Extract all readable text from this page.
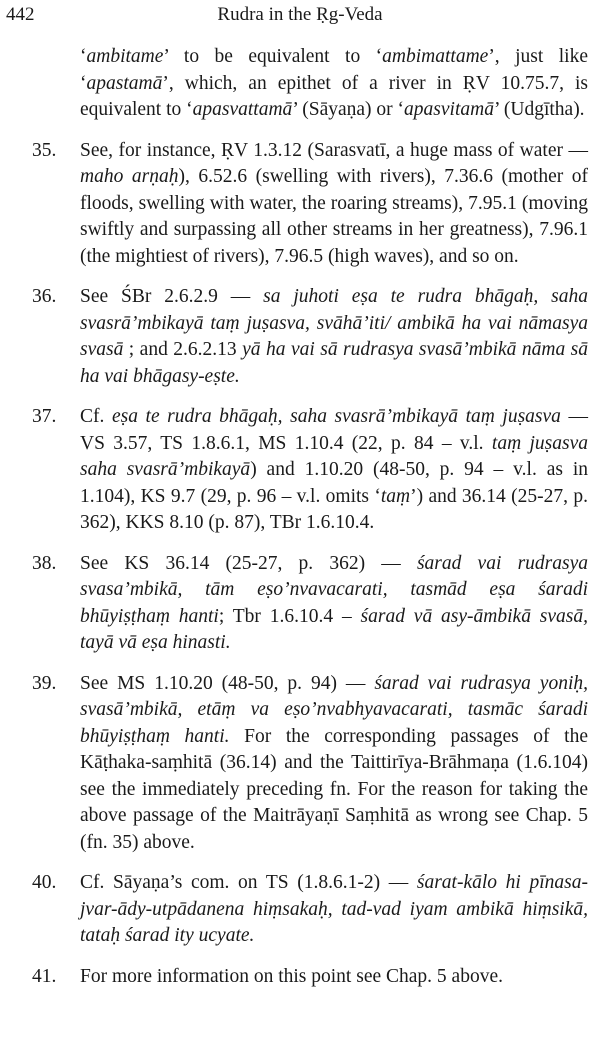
442	Rudra in the Ṛg-Veda

‘ambitame’ to be equivalent to ‘ambimattame’, just like ‘apastamā’, which, an epithet of a river in ṚV 10.75.7, is equivalent to ‘apasvattamā’ (Sāyaṇa) or ‘apasvitamā’ (Udgītha).

35. See, for instance, ṚV 1.3.12 (Sarasvatī, a huge mass of water — maho arṇaḥ), 6.52.6 (swelling with rivers), 7.36.6 (mother of floods, swelling with water, the roaring streams), 7.95.1 (moving swiftly and surpassing all other streams in her greatness), 7.96.1 (the mightiest of rivers), 7.96.5 (high waves), and so on.
36. See ŚBr 2.6.2.9 — sa juhoti eṣa te rudra bhāgaḥ, saha svasrā’mbikayā taṃ juṣasva, svāhā’iti/ ambikā ha vai nāmasya svasā ; and 2.6.2.13 yā ha vai sā rudrasya svasā’mbikā nāma sā ha vai bhāgasy-eṣte.
37. Cf. eṣa te rudra bhāgaḥ, saha svasrā’mbikayā taṃ juṣasva — VS 3.57, TS 1.8.6.1, MS 1.10.4 (22, p. 84 – v.l. taṃ juṣasva saha svasrā’mbikayā) and 1.10.20 (48-50, p. 94 – v.l. as in 1.104), KS 9.7 (29, p. 96 – v.l. omits ‘taṃ’) and 36.14 (25-27, p. 362), KKS 8.10 (p. 87), TBr 1.6.10.4.
38. See KS 36.14 (25-27, p. 362) — śarad vai rudrasya svasa’mbikā, tām eṣo’nvavacarati, tasmād eṣa śaradi bhūyiṣṭhaṃ hanti; Tbr 1.6.10.4 – śarad vā asy-āmbikā svasā, tayā vā eṣa hinasti.
39. See MS 1.10.20 (48-50, p. 94) — śarad vai rudrasya yoniḥ, svasā’mbikā, etāṃ va eṣo’nvabhyavacarati, tasmāc śaradi bhūyiṣṭhaṃ hanti. For the corresponding passages of the Kāṭhaka-saṃhitā (36.14) and the Taittirīya-Brāhmaṇa (1.6.104) see the immediately preceding fn. For the reason for taking the above passage of the Maitrāyaṇī Saṃhitā as wrong see Chap. 5 (fn. 35) above.
40. Cf. Sāyaṇa’s com. on TS (1.8.6.1-2) — śarat-kālo hi pīnasa-jvar-ādy-utpādanena hiṃsakaḥ, tad-vad iyam ambikā hiṃsikā, tataḥ śarad ity ucyate.
41. For more information on this point see Chap. 5 above.
